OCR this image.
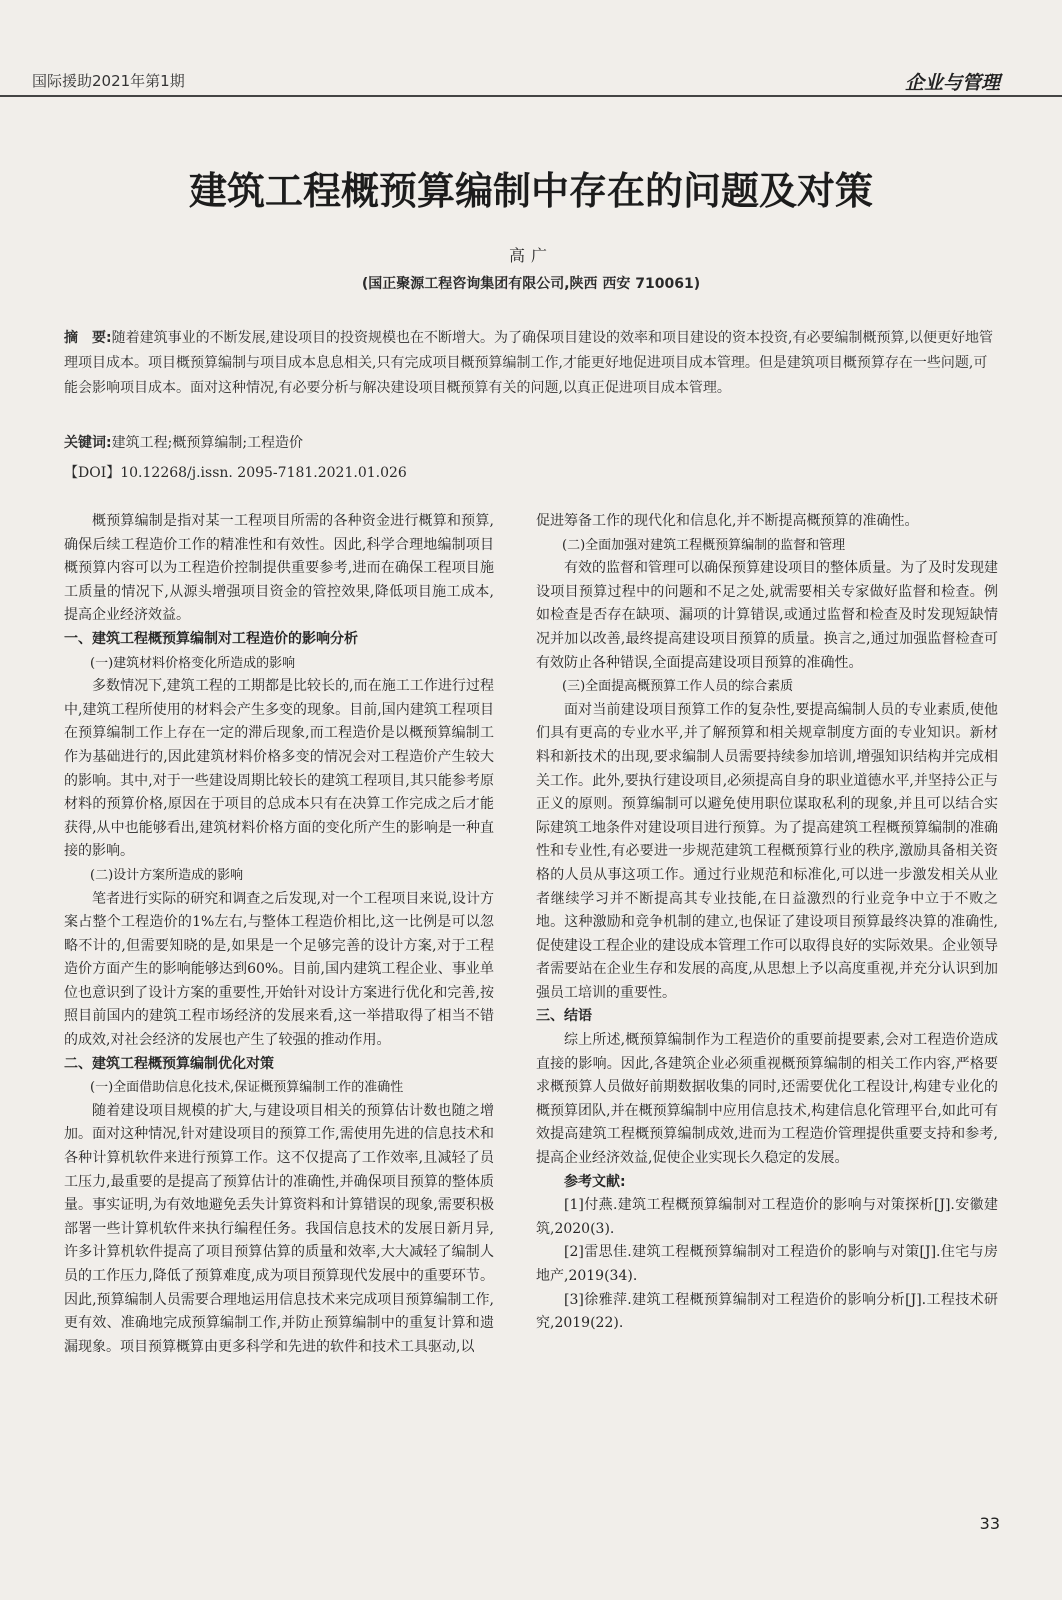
国际援助2021年第1期	企业与管理
建筑工程概预算编制中存在的问题及对策
高广
(国正聚源工程咨询集团有限公司,陕西 西安 710061)

摘　要:随着建筑事业的不断发展,建设项目的投资规模也在不断增大。为了确保项目建设的效率和项目建设的资本投资,有必要编制概预算,以便更好地管理项目成本。项目概预算编制与项目成本息息相关,只有完成项目概预算编制工作,才能更好地促进项目成本管理。但是建筑项目概预算存在一些问题,可能会影响项目成本。面对这种情况,有必要分析与解决建设项目概预算有关的问题,以真正促进项目成本管理。

关键词:建筑工程;概预算编制;工程造价
【DOI】10.12268/j.issn. 2095-7181.2021.01.026

概预算编制是指对某一工程项目所需的各种资金进行概算和预算,确保后续工程造价工作的精准性和有效性。因此,科学合理地编制项目概预算内容可以为工程造价控制提供重要参考,进而在确保工程项目施工质量的情况下,从源头增强项目资金的管控效果,降低项目施工成本,提高企业经济效益。

一、建筑工程概预算编制对工程造价的影响分析
(一)建筑材料价格变化所造成的影响

多数情况下,建筑工程的工期都是比较长的,而在施工工作进行过程中,建筑工程所使用的材料会产生多变的现象。目前,国内建筑工程项目在预算编制工作上存在一定的滞后现象,而工程造价是以概预算编制工作为基础进行的,因此建筑材料价格多变的情况会对工程造价产生较大的影响。其中,对于一些建设周期比较长的建筑工程项目,其只能参考原材料的预算价格,原因在于项目的总成本只有在决算工作完成之后才能获得,从中也能够看出,建筑材料价格方面的变化所产生的影响是一种直接的影响。

(二)设计方案所造成的影响

笔者进行实际的研究和调查之后发现,对一个工程项目来说,设计方案占整个工程造价的1%左右,与整体工程造价相比,这一比例是可以忽略不计的,但需要知晓的是,如果是一个足够完善的设计方案,对于工程造价方面产生的影响能够达到60%。目前,国内建筑工程企业、事业单位也意识到了设计方案的重要性,开始针对设计方案进行优化和完善,按照目前国内的建筑工程市场经济的发展来看,这一举措取得了相当不错的成效,对社会经济的发展也产生了较强的推动作用。

二、建筑工程概预算编制优化对策
(一)全面借助信息化技术,保证概预算编制工作的准确性

随着建设项目规模的扩大,与建设项目相关的预算估计数也随之增加。面对这种情况,针对建设项目的预算工作,需使用先进的信息技术和各种计算机软件来进行预算工作。这不仅提高了工作效率,且减轻了员工压力,最重要的是提高了预算估计的准确性,并确保项目预算的整体质量。事实证明,为有效地避免丢失计算资料和计算错误的现象,需要积极部署一些计算机软件来执行编程任务。我国信息技术的发展日新月异,许多计算机软件提高了项目预算估算的质量和效率,大大减轻了编制人员的工作压力,降低了预算难度,成为项目预算现代发展中的重要环节。因此,预算编制人员需要合理地运用信息技术来完成项目预算编制工作,更有效、准确地完成预算编制工作,并防止预算编制中的重复计算和遗漏现象。项目预算概算由更多科学和先进的软件和技术工具驱动,以

促进筹备工作的现代化和信息化,并不断提高概预算的准确性。

(二)全面加强对建筑工程概预算编制的监督和管理

有效的监督和管理可以确保预算建设项目的整体质量。为了及时发现建设项目预算过程中的问题和不足之处,就需要相关专家做好监督和检查。例如检查是否存在缺项、漏项的计算错误,或通过监督和检查及时发现短缺情况并加以改善,最终提高建设项目预算的质量。换言之,通过加强监督检查可有效防止各种错误,全面提高建设项目预算的准确性。

(三)全面提高概预算工作人员的综合素质

面对当前建设项目预算工作的复杂性,要提高编制人员的专业素质,使他们具有更高的专业水平,并了解预算和相关规章制度方面的专业知识。新材料和新技术的出现,要求编制人员需要持续参加培训,增强知识结构并完成相关工作。此外,要执行建设项目,必须提高自身的职业道德水平,并坚持公正与正义的原则。预算编制可以避免使用职位谋取私利的现象,并且可以结合实际建筑工地条件对建设项目进行预算。为了提高建筑工程概预算编制的准确性和专业性,有必要进一步规范建筑工程概预算行业的秩序,激励具备相关资格的人员从事这项工作。通过行业规范和标准化,可以进一步激发相关从业者继续学习并不断提高其专业技能,在日益激烈的行业竞争中立于不败之地。这种激励和竞争机制的建立,也保证了建设项目预算最终决算的准确性,促使建设工程企业的建设成本管理工作可以取得良好的实际效果。企业领导者需要站在企业生存和发展的高度,从思想上予以高度重视,并充分认识到加强员工培训的重要性。

三、结语

综上所述,概预算编制作为工程造价的重要前提要素,会对工程造价造成直接的影响。因此,各建筑企业必须重视概预算编制的相关工作内容,严格要求概预算人员做好前期数据收集的同时,还需要优化工程设计,构建专业化的概预算团队,并在概预算编制中应用信息技术,构建信息化管理平台,如此可有效提高建筑工程概预算编制成效,进而为工程造价管理提供重要支持和参考,提高企业经济效益,促使企业实现长久稳定的发展。

参考文献:

[1]付燕.建筑工程概预算编制对工程造价的影响与对策探析[J].安徽建筑,2020(3).

[2]雷思佳.建筑工程概预算编制对工程造价的影响与对策[J].住宅与房地产,2019(34).

[3]徐雅萍.建筑工程概预算编制对工程造价的影响分析[J].工程技术研究,2019(22).

33
